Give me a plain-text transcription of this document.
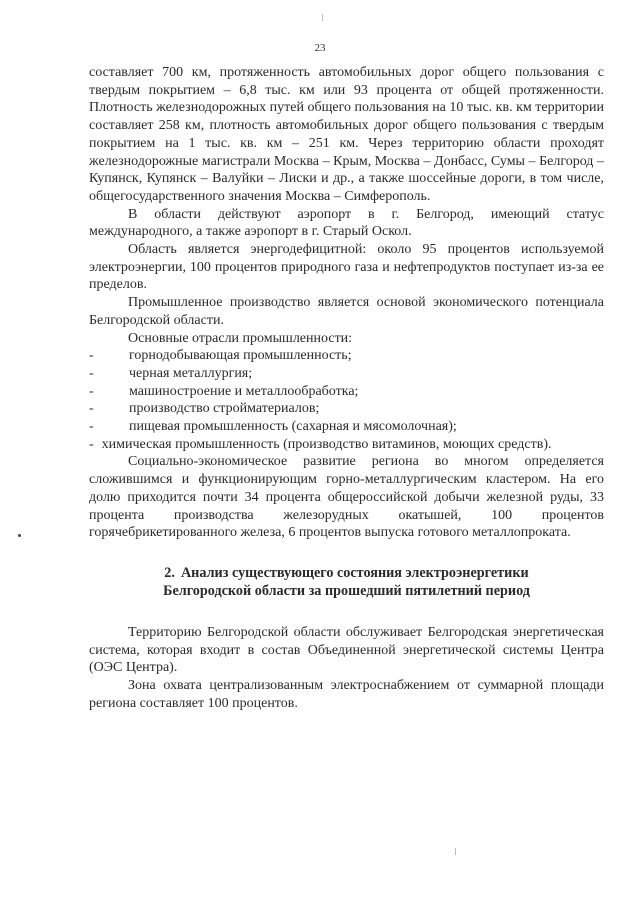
23

составляет 700 км, протяженность автомобильных дорог общего пользования с твердым покрытием – 6,8 тыс. км или 93 процента от общей протяженности. Плотность железнодорожных путей общего пользования на 10 тыс. кв. км территории составляет 258 км, плотность автомобильных дорог общего пользования с твердым покрытием на 1 тыс. кв. км – 251 км. Через территорию области проходят железнодорожные магистрали Москва – Крым, Москва – Донбасс, Сумы – Белгород – Купянск, Купянск – Валуйки – Лиски и др., а также шоссейные дороги, в том числе, общегосударственного значения Москва – Симферополь.

В области действуют аэропорт в г. Белгород, имеющий статус международного, а также аэропорт в г. Старый Оскол.

Область является энергодефицитной: около 95 процентов используемой электроэнергии, 100 процентов природного газа и нефтепродуктов поступает из-за ее пределов.

Промышленное производство является основой экономического потенциала Белгородской области.

Основные отрасли промышленности:

-	горнодобывающая промышленность;
-	черная металлургия;
-	машиностроение и металлообработка;
-	производство стройматериалов;
-	пищевая промышленность (сахарная и мясомолочная);
- химическая промышленность (производство витаминов, моющих средств).

Социально-экономическое развитие региона во многом определяется сложившимся и функционирующим горно-металлургическим кластером. На его долю приходится почти 34 процента общероссийской добычи железной руды, 33 процента производства железорудных окатышей, 100 процентов горячебрикетированного железа, 6 процентов выпуска готового металлопроката.

2. Анализ существующего состояния электроэнергетики
Белгородской области за прошедший пятилетний период

Территорию Белгородской области обслуживает Белгородская энергетическая система, которая входит в состав Объединенной энергетической системы Центра (ОЭС Центра).

Зона охвата централизованным электроснабжением от суммарной площади региона составляет 100 процентов.
